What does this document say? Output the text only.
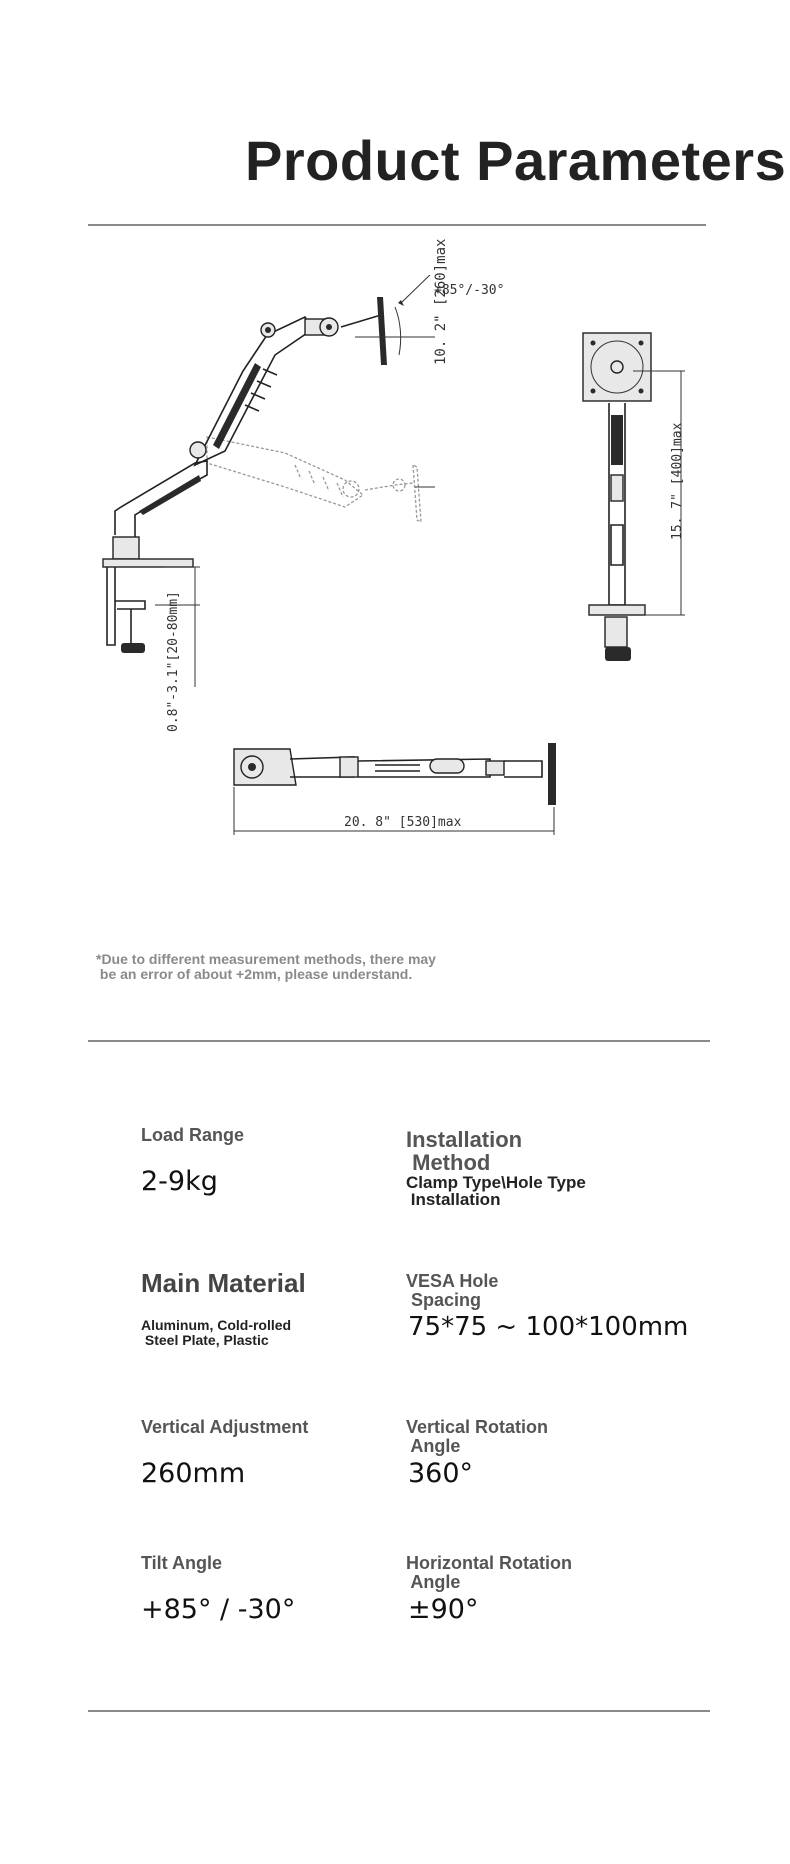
Product Parameters
+85°/-30°
10. 2" [260]max
0.8"-3.1"[20-80mm]
15. 7" [400]max
20. 8" [530]max
*Due to different measurement methods, there may
be an error of about +2mm, please understand.
Load Range
2-9kg
Installation
Method
Clamp Type\Hole Type
Installation
Main Material
Aluminum, Cold-rolled
Steel Plate, Plastic
VESA Hole
Spacing
75*75 ~ 100*100mm
Vertical Adjustment
260mm
Vertical Rotation
Angle
360°
Tilt Angle
+85° / -30°
Horizontal Rotation
Angle
±90°
